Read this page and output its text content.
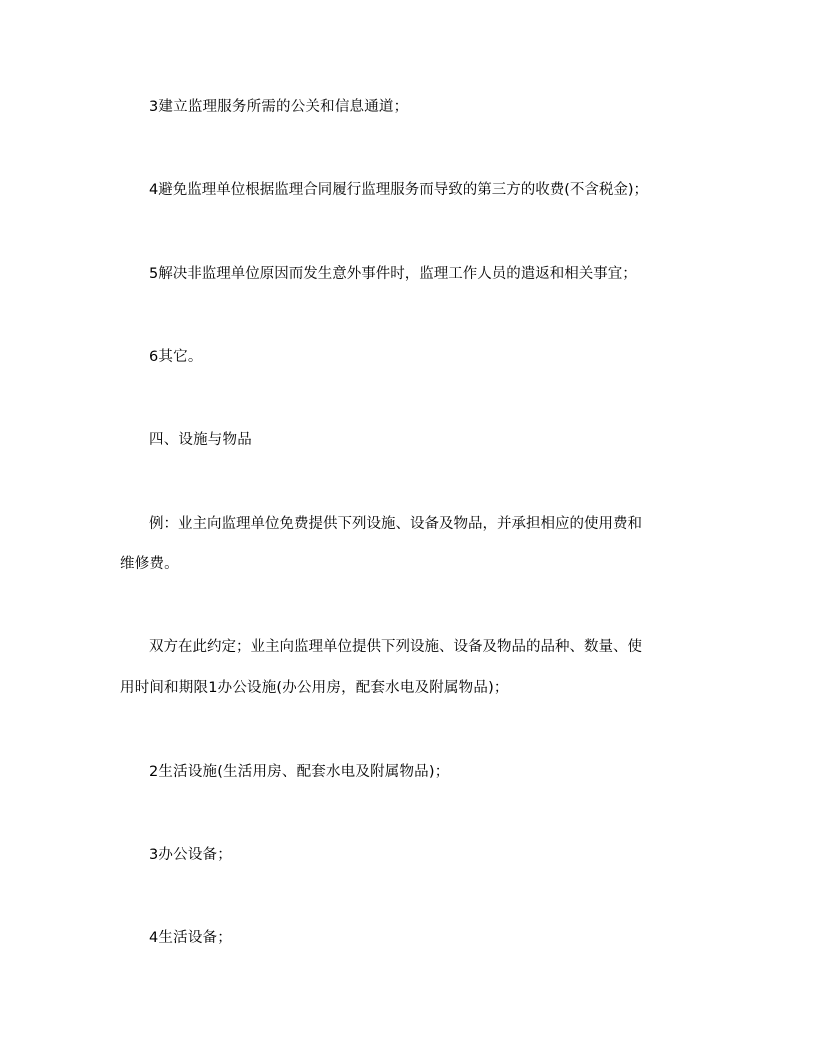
3建立监理服务所需的公关和信息通道；
4避免监理单位根据监理合同履行监理服务而导致的第三方的收费(不含税金)；
5解决非监理单位原因而发生意外事件时，监理工作人员的遣返和相关事宜；
6其它。
四、设施与物品
例：业主向监理单位免费提供下列设施、设备及物品，并承担相应的使用费和
维修费。
双方在此约定；业主向监理单位提供下列设施、设备及物品的品种、数量、使
用时间和期限1办公设施(办公用房，配套水电及附属物品)；
2生活设施(生活用房、配套水电及附属物品)；
3办公设备；
4生活设备；
